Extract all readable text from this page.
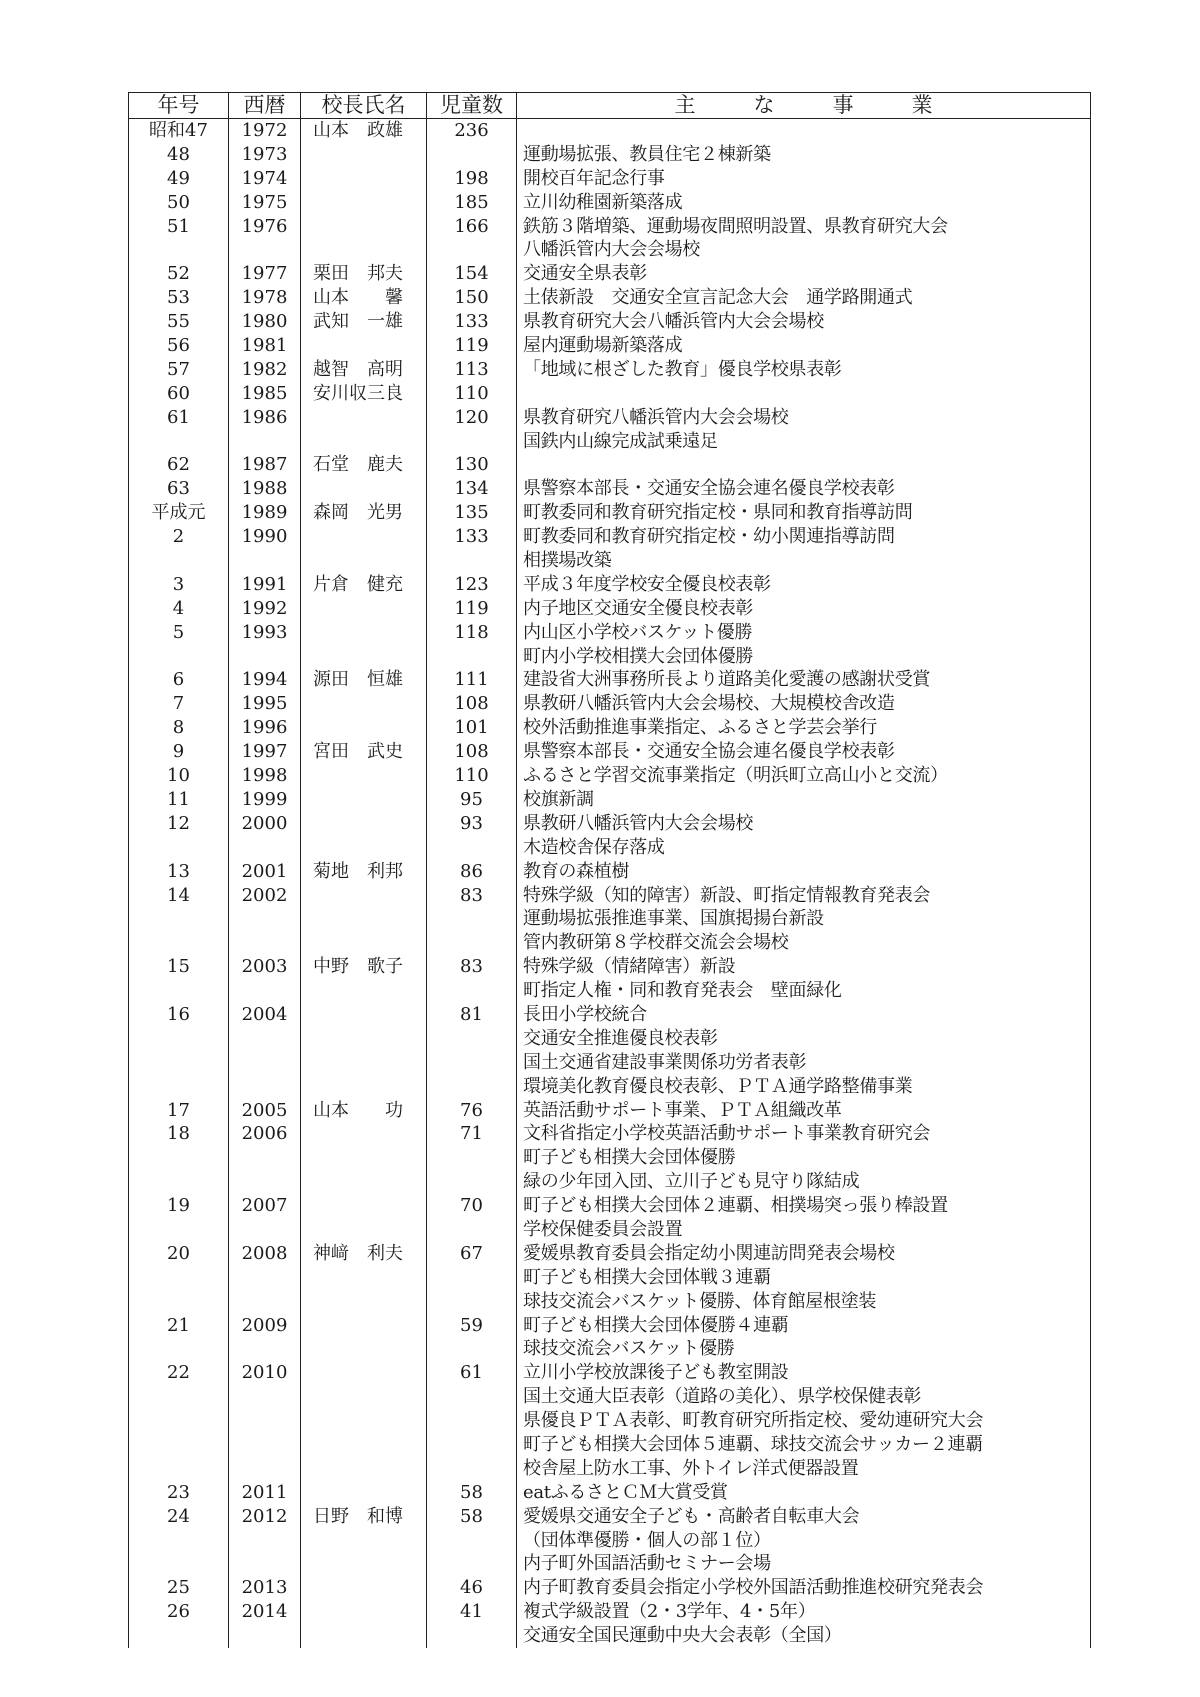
年号	西暦	校長氏名	児童数	主な事業
昭和47	1972	山本　政雄	236	
48	1973			運動場拡張、教員住宅２棟新築
49	1974		198	開校百年記念行事
50	1975		185	立川幼稚園新築落成
51	1976		166	鉄筋３階増築、運動場夜間照明設置、県教育研究大会
				八幡浜管内大会会場校
52	1977	栗田　邦夫	154	交通安全県表彰
53	1978	山本　　馨	150	土俵新設　交通安全宣言記念大会　通学路開通式
55	1980	武知　一雄	133	県教育研究大会八幡浜管内大会会場校
56	1981		119	屋内運動場新築落成
57	1982	越智　高明	113	「地域に根ざした教育」優良学校県表彰
60	1985	安川収三良	110	
61	1986		120	県教育研究八幡浜管内大会会場校
				国鉄内山線完成試乗遠足
62	1987	石堂　鹿夫	130	
63	1988		134	県警察本部長・交通安全協会連名優良学校表彰
平成元	1989	森岡　光男	135	町教委同和教育研究指定校・県同和教育指導訪問
2	1990		133	町教委同和教育研究指定校・幼小関連指導訪問
				相撲場改築
3	1991	片倉　健充	123	平成３年度学校安全優良校表彰
4	1992		119	内子地区交通安全優良校表彰
5	1993		118	内山区小学校バスケット優勝
				町内小学校相撲大会団体優勝
6	1994	源田　恒雄	111	建設省大洲事務所長より道路美化愛護の感謝状受賞
7	1995		108	県教研八幡浜管内大会会場校、大規模校舎改造
8	1996		101	校外活動推進事業指定、ふるさと学芸会挙行
9	1997	宮田　武史	108	県警察本部長・交通安全協会連名優良学校表彰
10	1998		110	ふるさと学習交流事業指定（明浜町立高山小と交流）
11	1999		95	校旗新調
12	2000		93	県教研八幡浜管内大会会場校
				木造校舎保存落成
13	2001	菊地　利邦	86	教育の森植樹
14	2002		83	特殊学級（知的障害）新設、町指定情報教育発表会
				運動場拡張推進事業、国旗掲揚台新設
				管内教研第８学校群交流会会場校
15	2003	中野　歌子	83	特殊学級（情緒障害）新設
				町指定人権・同和教育発表会　壁面緑化
16	2004		81	長田小学校統合
				交通安全推進優良校表彰
				国土交通省建設事業関係功労者表彰
				環境美化教育優良校表彰、ＰＴＡ通学路整備事業
17	2005	山本　　功	76	英語活動サポート事業、ＰＴＡ組織改革
18	2006		71	文科省指定小学校英語活動サポート事業教育研究会
				町子ども相撲大会団体優勝
				緑の少年団入団、立川子ども見守り隊結成
19	2007		70	町子ども相撲大会団体２連覇、相撲場突っ張り棒設置
				学校保健委員会設置
20	2008	神﨑　利夫	67	愛媛県教育委員会指定幼小関連訪問発表会場校
				町子ども相撲大会団体戦３連覇
				球技交流会バスケット優勝、体育館屋根塗装
21	2009		59	町子ども相撲大会団体優勝４連覇
				球技交流会バスケット優勝
22	2010		61	立川小学校放課後子ども教室開設
				国土交通大臣表彰（道路の美化）、県学校保健表彰
				県優良ＰＴＡ表彰、町教育研究所指定校、愛幼連研究大会
				町子ども相撲大会団体５連覇、球技交流会サッカー２連覇
				校舎屋上防水工事、外トイレ洋式便器設置
23	2011		58	eatふるさとＣＭ大賞受賞
24	2012	日野　和博	58	愛媛県交通安全子ども・高齢者自転車大会
				（団体準優勝・個人の部１位）
				内子町外国語活動セミナー会場
25	2013		46	内子町教育委員会指定小学校外国語活動推進校研究発表会
26	2014		41	複式学級設置（2・3学年、4・5年）
				交通安全国民運動中央大会表彰（全国）
